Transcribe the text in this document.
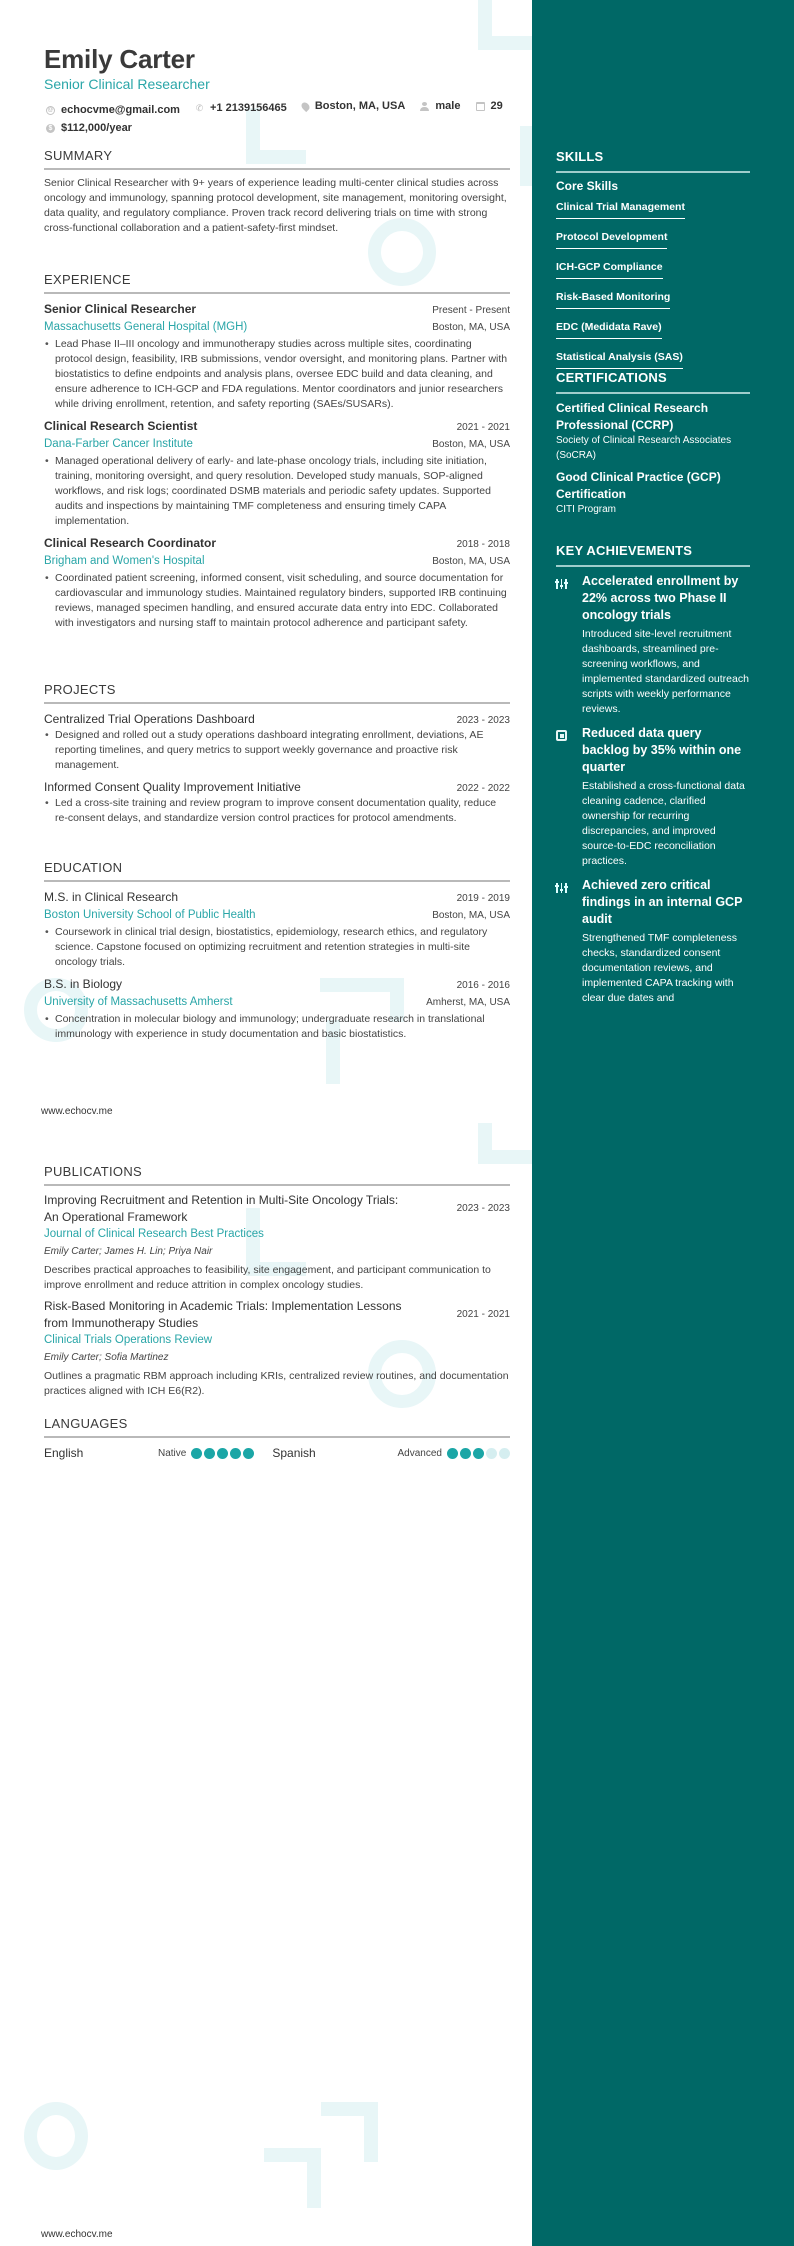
Emily Carter
Senior Clinical Researcher
@ echocvme@gmail.com
✆ +1 2139156465
	Boston, MA, USA
	male
	29

$ $112,000/year
SUMMARY
Senior Clinical Researcher with 9+ years of experience leading multi-center clinical studies across oncology and immunology, spanning protocol development, site management, monitoring oversight, data quality, and regulatory compliance. Proven track record delivering trials on time with strong cross-functional collaboration and a patient-safety-first mindset.
EXPERIENCE
Senior Clinical Researcher	Present - Present
Massachusetts General Hospital (MGH)	Boston, MA, USA
• Lead Phase II–III oncology and immunotherapy studies across multiple sites, coordinating protocol design, feasibility, IRB submissions, vendor oversight, and monitoring plans. Partner with biostatistics to define endpoints and analysis plans, oversee EDC build and data cleaning, and ensure adherence to ICH-GCP and FDA regulations. Mentor coordinators and junior researchers while driving enrollment, retention, and safety reporting (SAEs/SUSARs).
Clinical Research Scientist	2021 - 2021
Dana-Farber Cancer Institute	Boston, MA, USA
• Managed operational delivery of early- and late-phase oncology trials, including site initiation, training, monitoring oversight, and query resolution. Developed study manuals, SOP-aligned workflows, and risk logs; coordinated DSMB materials and periodic safety updates. Supported audits and inspections by maintaining TMF completeness and ensuring timely CAPA implementation.
Clinical Research Coordinator	2018 - 2018
Brigham and Women's Hospital	Boston, MA, USA
• Coordinated patient screening, informed consent, visit scheduling, and source documentation for cardiovascular and immunology studies. Maintained regulatory binders, supported IRB continuing reviews, managed specimen handling, and ensured accurate data entry into EDC. Collaborated with investigators and nursing staff to maintain protocol adherence and participant safety.
PROJECTS
Centralized Trial Operations Dashboard	2023 - 2023
• Designed and rolled out a study operations dashboard integrating enrollment, deviations, AE reporting timelines, and query metrics to support weekly governance and proactive risk management.
Informed Consent Quality Improvement Initiative	2022 - 2022
• Led a cross-site training and review program to improve consent documentation quality, reduce re-consent delays, and standardize version control practices for protocol amendments.
EDUCATION
M.S. in Clinical Research	2019 - 2019
Boston University School of Public Health	Boston, MA, USA
• Coursework in clinical trial design, biostatistics, epidemiology, research ethics, and regulatory science. Capstone focused on optimizing recruitment and retention strategies in multi-site oncology trials.
B.S. in Biology	2016 - 2016
University of Massachusetts Amherst	Amherst, MA, USA
• Concentration in molecular biology and immunology; undergraduate research in translational immunology with experience in study documentation and basic biostatistics.
PUBLICATIONS
Improving Recruitment and Retention in Multi-Site Oncology Trials: An Operational Framework
2023 - 2023
Journal of Clinical Research Best Practices
Emily Carter; James H. Lin; Priya Nair
Describes practical approaches to feasibility, site engagement, and participant communication to improve enrollment and reduce attrition in complex oncology studies.
Risk-Based Monitoring in Academic Trials: Implementation Lessons from Immunotherapy Studies
2021 - 2021
Clinical Trials Operations Review
Emily Carter; Sofia Martinez
Outlines a pragmatic RBM approach including KRIs, centralized review routines, and documentation practices aligned with ICH E6(R2).
LANGUAGES
English	Native	Spanish	Advanced
www.echocv.me
www.echocv.me
SKILLS
Core Skills
Clinical Trial Management
Protocol Development
ICH-GCP Compliance
Risk-Based Monitoring
EDC (Medidata Rave)
Statistical Analysis (SAS)
CERTIFICATIONS
Certified Clinical Research Professional (CCRP)
Society of Clinical Research Associates (SoCRA)
Good Clinical Practice (GCP) Certification
CITI Program
KEY ACHIEVEMENTS
Accelerated enrollment by 22% across two Phase II oncology trials
Introduced site-level recruitment dashboards, streamlined pre-screening workflows, and implemented standardized outreach scripts with weekly performance reviews.
Reduced data query backlog by 35% within one quarter
Established a cross-functional data cleaning cadence, clarified ownership for recurring discrepancies, and improved source-to-EDC reconciliation practices.
Achieved zero critical findings in an internal GCP audit
Strengthened TMF completeness checks, standardized consent documentation reviews, and implemented CAPA tracking with clear due dates and
